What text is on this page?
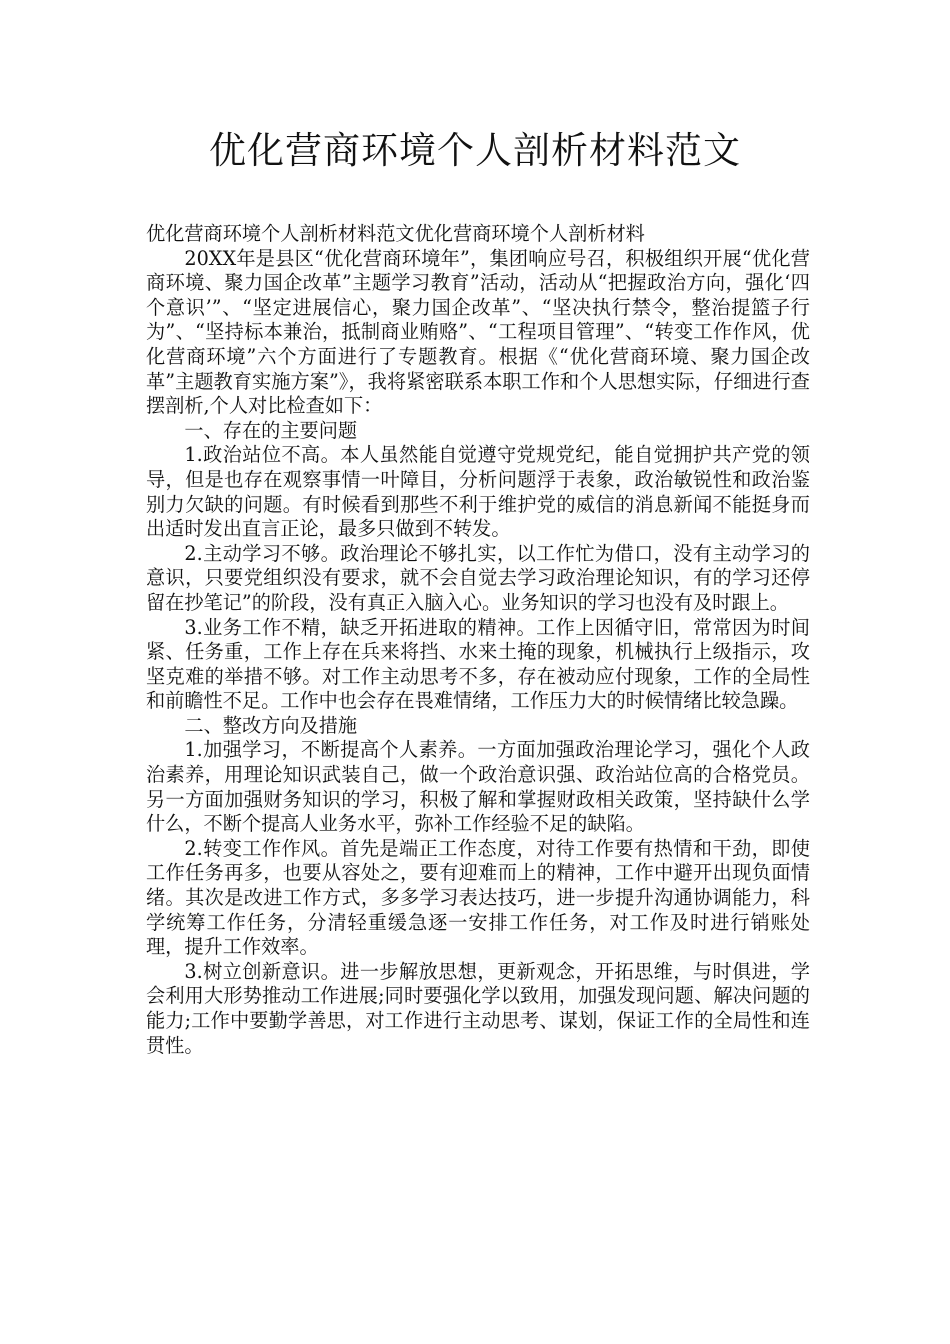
优化营商环境个人剖析材料范文

优化营商环境个人剖析材料范文优化营商环境个人剖析材料

20XX年是县区“优化营商环境年”，集团响应号召，积极组织开展“优化营商环境、聚力国企改革”主题学习教育”活动，活动从“把握政治方向，强化‘四个意识’”、“坚定进展信心，聚力国企改革”、“坚决执行禁令，整治提篮子行为”、“坚持标本兼治，抵制商业贿赂”、“工程项目管理”、“转变工作作风，优化营商环境”六个方面进行了专题教育。根据《“优化营商环境、聚力国企改革”主题教育实施方案”》，我将紧密联系本职工作和个人思想实际，仔细进行查摆剖析,个人对比检查如下：

一、存在的主要问题

1.政治站位不高。本人虽然能自觉遵守党规党纪，能自觉拥护共产党的领导，但是也存在观察事情一叶障目，分析问题浮于表象，政治敏锐性和政治鉴别力欠缺的问题。有时候看到那些不利于维护党的威信的消息新闻不能挺身而出适时发出直言正论，最多只做到不转发。

2.主动学习不够。政治理论不够扎实，以工作忙为借口，没有主动学习的意识，只要党组织没有要求，就不会自觉去学习政治理论知识，有的学习还停留在抄笔记”的阶段，没有真正入脑入心。业务知识的学习也没有及时跟上。

3.业务工作不精，缺乏开拓进取的精神。工作上因循守旧，常常因为时间紧、任务重，工作上存在兵来将挡、水来土掩的现象，机械执行上级指示，攻坚克难的举措不够。对工作主动思考不多，存在被动应付现象，工作的全局性和前瞻性不足。工作中也会存在畏难情绪，工作压力大的时候情绪比较急躁。

二、整改方向及措施

1.加强学习，不断提高个人素养。一方面加强政治理论学习，强化个人政治素养，用理论知识武装自己，做一个政治意识强、政治站位高的合格党员。另一方面加强财务知识的学习，积极了解和掌握财政相关政策，坚持缺什么学什么，不断个提高人业务水平，弥补工作经验不足的缺陷。

2.转变工作作风。首先是端正工作态度，对待工作要有热情和干劲，即使工作任务再多，也要从容处之，要有迎难而上的精神，工作中避开出现负面情绪。其次是改进工作方式，多多学习表达技巧，进一步提升沟通协调能力，科学统筹工作任务，分清轻重缓急逐一安排工作任务，对工作及时进行销账处理，提升工作效率。

3.树立创新意识。进一步解放思想，更新观念，开拓思维，与时俱进，学会利用大形势推动工作进展;同时要强化学以致用，加强发现问题、解决问题的能力;工作中要勤学善思，对工作进行主动思考、谋划，保证工作的全局性和连贯性。
